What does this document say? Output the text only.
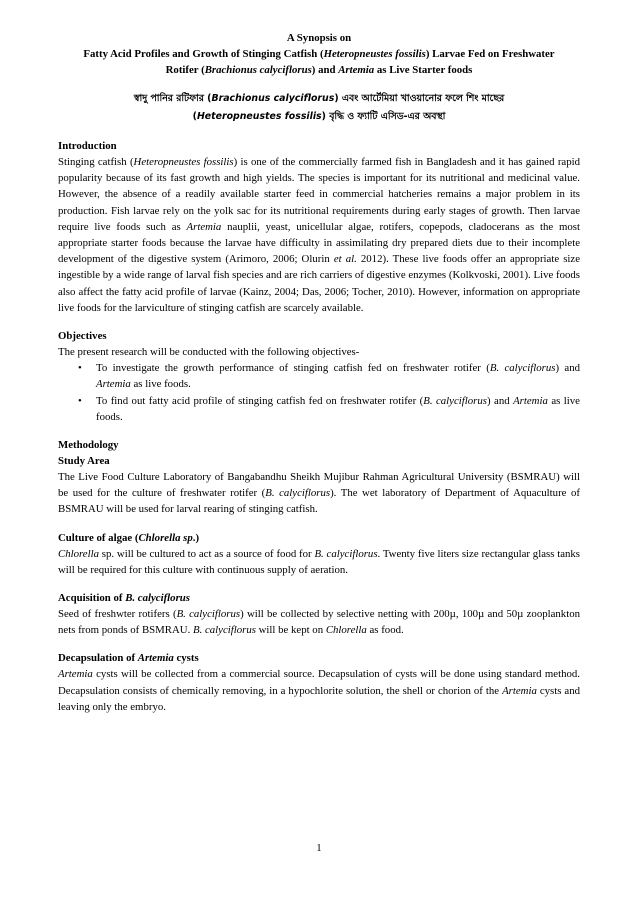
A Synopsis on
Fatty Acid Profiles and Growth of Stinging Catfish (Heteropneustes fossilis) Larvae Fed on Freshwater
Rotifer (Brachionus calyciflorus) and Artemia as Live Starter foods
স্বাদু পানির রটিফার (Brachionus calyciflorus) এবং আর্টেমিয়া খাওয়ানোর ফলে শিং মাছের
(Heteropneustes fossilis) বৃদ্ধি ও ফ্যাটি এসিড-এর অবস্থা
Introduction

Stinging catfish (Heteropneustes fossilis) is one of the commercially farmed fish in Bangladesh and it has gained rapid popularity because of its fast growth and high yields. The species is important for its nutritional and medicinal value. However, the absence of a readily available starter feed in commercial hatcheries remains a major problem in its production. Fish larvae rely on the yolk sac for its nutritional requirements during early stages of growth. Then larvae require live foods such as Artemia nauplii, yeast, unicellular algae, rotifers, copepods, cladocerans as the most appropriate starter foods because the larvae have difficulty in assimilating dry prepared diets due to their incomplete development of the digestive system (Arimoro, 2006; Olurin et al. 2012). These live foods offer an appropriate size ingestible by a wide range of larval fish species and are rich carriers of digestive enzymes (Kolkvoski, 2001). Live foods also affect the fatty acid profile of larvae (Kainz, 2004; Das, 2006; Tocher, 2010). However, information on appropriate live foods for the larviculture of stinging catfish are scarcely available.

Objectives

The present research will be conducted with the following objectives-

• To investigate the growth performance of stinging catfish fed on freshwater rotifer (B. calyciflorus) and Artemia as live foods.
• To find out fatty acid profile of stinging catfish fed on freshwater rotifer (B. calyciflorus) and Artemia as live foods.
Methodology
Study Area

The Live Food Culture Laboratory of Bangabandhu Sheikh Mujibur Rahman Agricultural University (BSMRAU) will be used for the culture of freshwater rotifer (B. calyciflorus). The wet laboratory of Department of Aquaculture of BSMRAU will be used for larval rearing of stinging catfish.

Culture of algae (Chlorella sp.)

Chlorella sp. will be cultured to act as a source of food for B. calyciflorus. Twenty five liters size rectangular glass tanks will be required for this culture with continuous supply of aeration.

Acquisition of B. calyciflorus

Seed of freshwter rotifers (B. calyciflorus) will be collected by selective netting with 200µ, 100µ and 50µ zooplankton nets from ponds of BSMRAU. B. calyciflorus will be kept on Chlorella as food.

Decapsulation of Artemia cysts

Artemia cysts will be collected from a commercial source. Decapsulation of cysts will be done using standard method. Decapsulation consists of chemically removing, in a hypochlorite solution, the shell or chorion of the Artemia cysts and leaving only the embryo.

1
